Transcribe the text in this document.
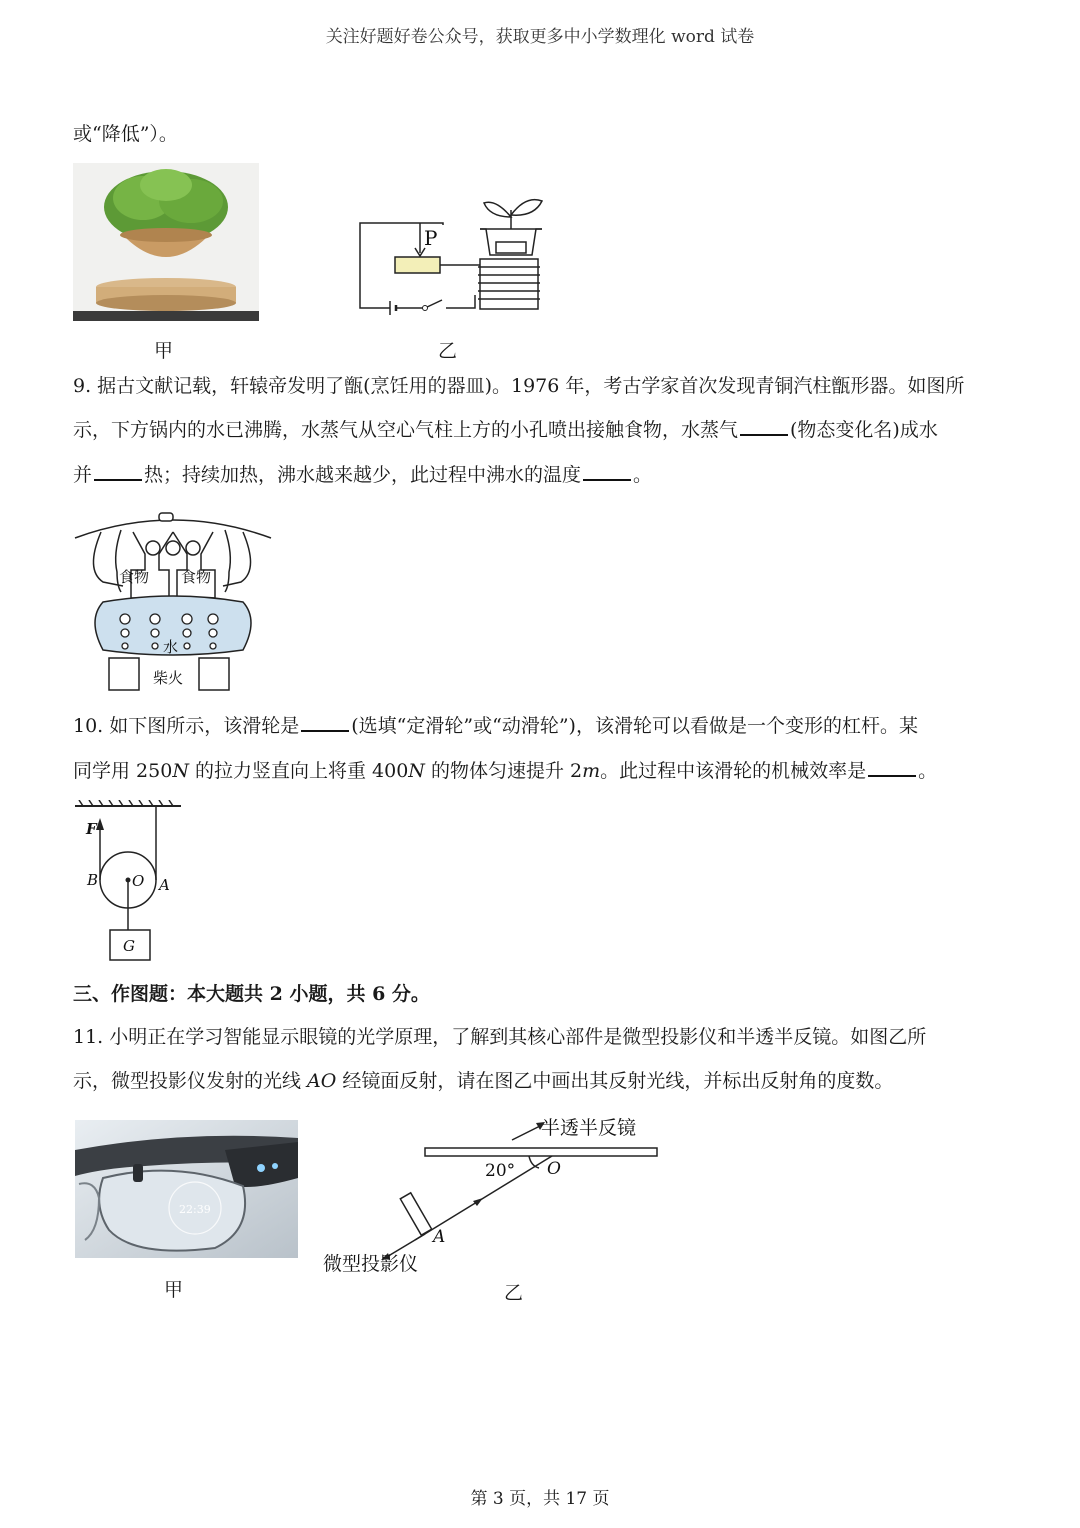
关注好题好卷公众号，获取更多中小学数理化 word 试卷
或“降低”）。
甲
P
乙
9. 据古文献记载，轩辕帝发明了甑(烹饪用的器皿)。1976 年，考古学家首次发现青铜汽柱甑形器。如图所
示，下方锅内的水已沸腾，水蒸气从空心气柱上方的小孔喷出接触食物，水蒸气	(物态变化名)成水
并	热；持续加热，沸水越来越少，此过程中沸水的温度	。
食物 食物
水
柴火
10. 如下图所示，该滑轮是	(选填“定滑轮”或“动滑轮”)，该滑轮可以看做是一个变形的杠杆。某
同学用 250N 的拉力竖直向上将重 400N 的物体匀速提升 2m。此过程中该滑轮的机械效率是	。
F
B O A
G
三、作图题：本大题共 2 小题，共 6 分。
11. 小明正在学习智能显示眼镜的光学原理，了解到其核心部件是微型投影仪和半透半反镜。如图乙所
示，微型投影仪发射的光线 AO 经镜面反射，请在图乙中画出其反射光线，并标出反射角的度数。
22:39
甲
半透半反镜
20° O
A
微型投影仪
乙
第 3 页，共 17 页
